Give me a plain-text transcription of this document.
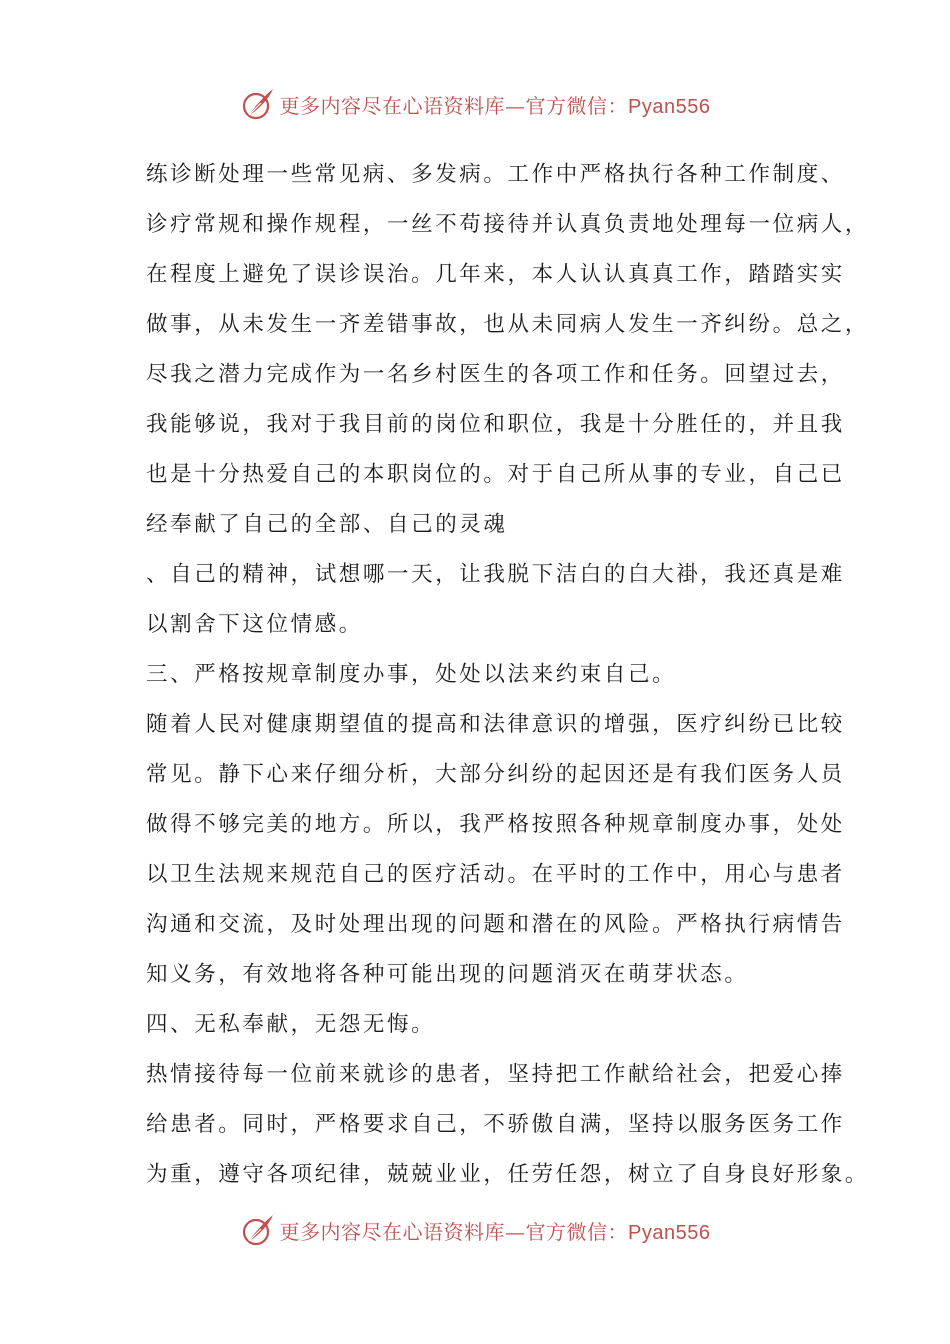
更多内容尽在心语资料库—官方微信：Pyan556
练诊断处理一些常见病、多发病。工作中严格执行各种工作制度、
诊疗常规和操作规程，一丝不苟接待并认真负责地处理每一位病人，
在程度上避免了误诊误治。几年来，本人认认真真工作，踏踏实实
做事，从未发生一齐差错事故，也从未同病人发生一齐纠纷。总之，
尽我之潜力完成作为一名乡村医生的各项工作和任务。回望过去，
我能够说，我对于我目前的岗位和职位，我是十分胜任的，并且我
也是十分热爱自己的本职岗位的。对于自己所从事的专业，自己已
经奉献了自己的全部、自己的灵魂
、自己的精神，试想哪一天，让我脱下洁白的白大褂，我还真是难
以割舍下这位情感。
三、严格按规章制度办事，处处以法来约束自己。
随着人民对健康期望值的提高和法律意识的增强，医疗纠纷已比较
常见。静下心来仔细分析，大部分纠纷的起因还是有我们医务人员
做得不够完美的地方。所以，我严格按照各种规章制度办事，处处
以卫生法规来规范自己的医疗活动。在平时的工作中，用心与患者
沟通和交流，及时处理出现的问题和潜在的风险。严格执行病情告
知义务，有效地将各种可能出现的问题消灭在萌芽状态。
四、无私奉献，无怨无悔。
热情接待每一位前来就诊的患者，坚持把工作献给社会，把爱心捧
给患者。同时，严格要求自己，不骄傲自满，坚持以服务医务工作
为重，遵守各项纪律，兢兢业业，任劳任怨，树立了自身良好形象。
更多内容尽在心语资料库—官方微信：Pyan556
